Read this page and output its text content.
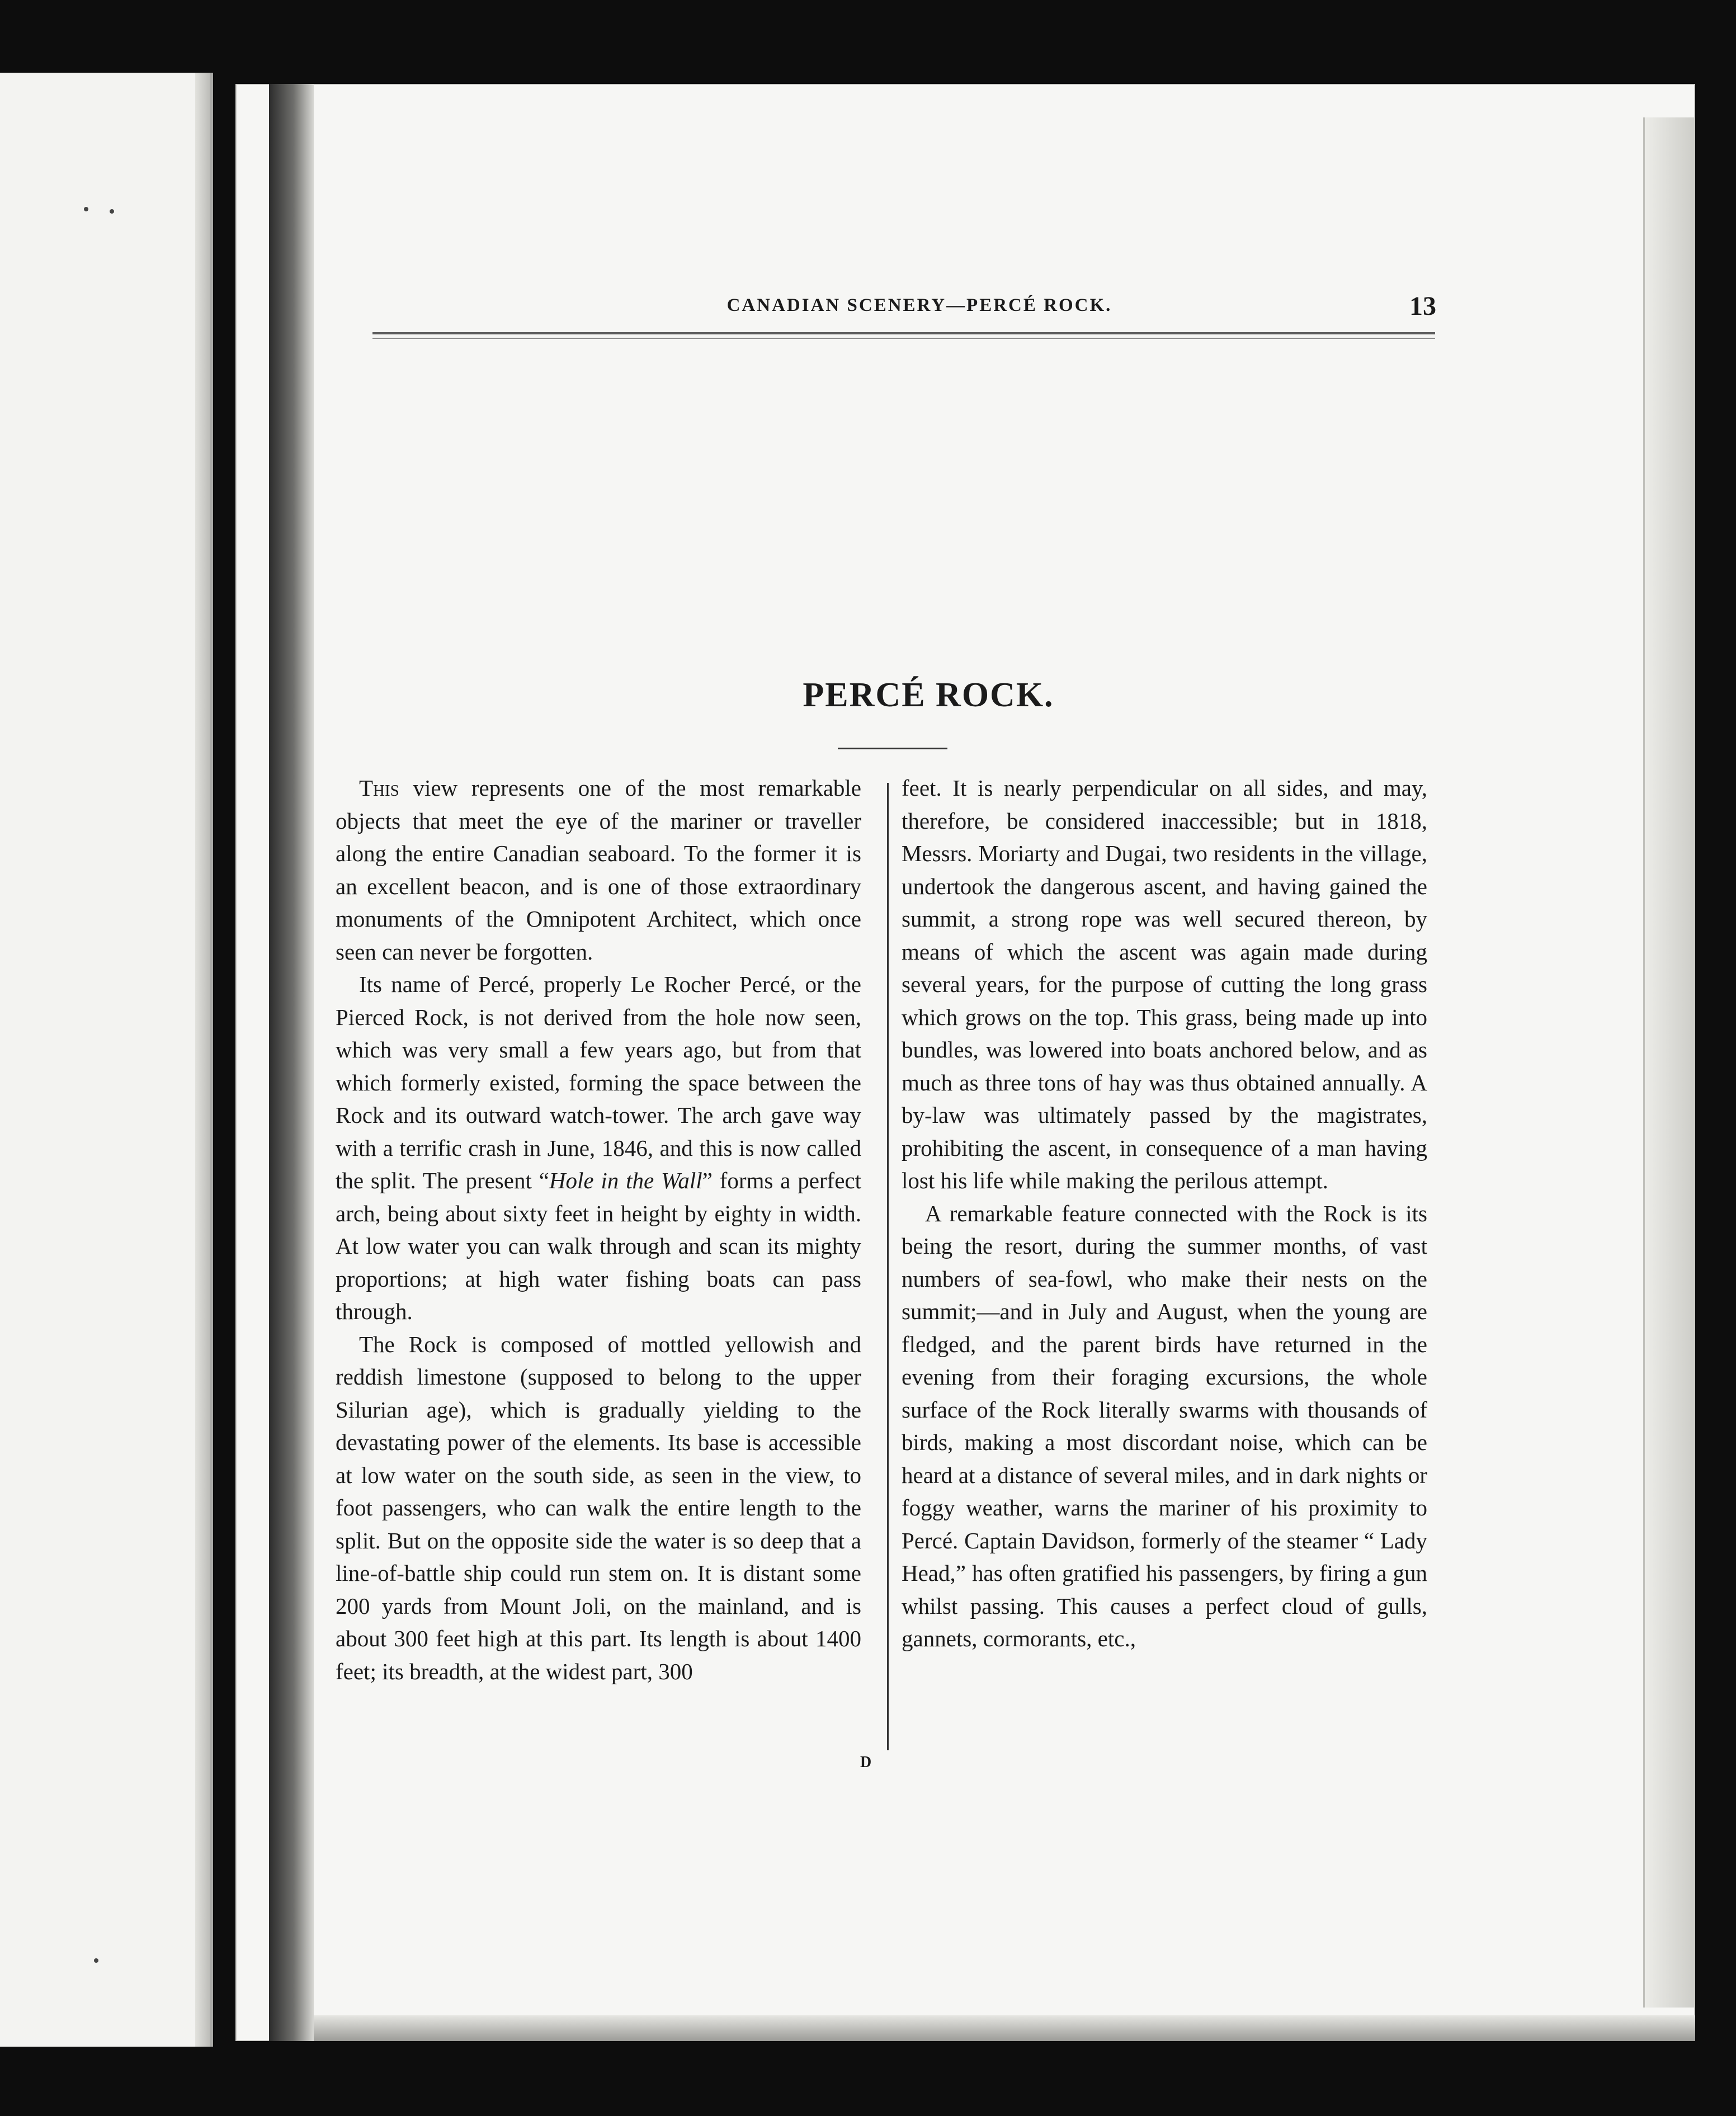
CANADIAN SCENERY—PERCÉ ROCK.	13
PERCÉ ROCK.

This view represents one of the most remarkable objects that meet the eye of the mariner or traveller along the entire Canadian seaboard. To the former it is an excellent beacon, and is one of those extraordinary monuments of the Omnipotent Architect, which once seen can never be forgotten.

Its name of Percé, properly Le Rocher Percé, or the Pierced Rock, is not derived from the hole now seen, which was very small a few years ago, but from that which formerly existed, forming the space between the Rock and its outward watch-tower. The arch gave way with a terrific crash in June, 1846, and this is now called the split. The present “Hole in the Wall” forms a perfect arch, being about sixty feet in height by eighty in width. At low water you can walk through and scan its mighty proportions; at high water fishing boats can pass through.

The Rock is composed of mottled yellowish and reddish limestone (supposed to belong to the upper Silurian age), which is gradually yielding to the devastating power of the elements. Its base is accessible at low water on the south side, as seen in the view, to foot passengers, who can walk the entire length to the split. But on the opposite side the water is so deep that a line-of-battle ship could run stem on. It is distant some 200 yards from Mount Joli, on the mainland, and is about 300 feet high at this part. Its length is about 1400 feet; its breadth, at the widest part, 300

feet. It is nearly perpendicular on all sides, and may, therefore, be considered inaccessible; but in 1818, Messrs. Moriarty and Dugai, two residents in the village, undertook the dangerous ascent, and having gained the summit, a strong rope was well secured thereon, by means of which the ascent was again made during several years, for the purpose of cutting the long grass which grows on the top. This grass, being made up into bundles, was lowered into boats anchored below, and as much as three tons of hay was thus obtained annually. A by-law was ultimately passed by the magistrates, prohibiting the ascent, in consequence of a man having lost his life while making the perilous attempt.

A remarkable feature connected with the Rock is its being the resort, during the summer months, of vast numbers of sea-fowl, who make their nests on the summit;—and in July and August, when the young are fledged, and the parent birds have returned in the evening from their foraging excursions, the whole surface of the Rock literally swarms with thousands of birds, making a most discordant noise, which can be heard at a distance of several miles, and in dark nights or foggy weather, warns the mariner of his proximity to Percé. Captain Davidson, formerly of the steamer “ Lady Head,” has often gratified his passengers, by firing a gun whilst passing. This causes a perfect cloud of gulls, gannets, cormorants, etc.,

D
